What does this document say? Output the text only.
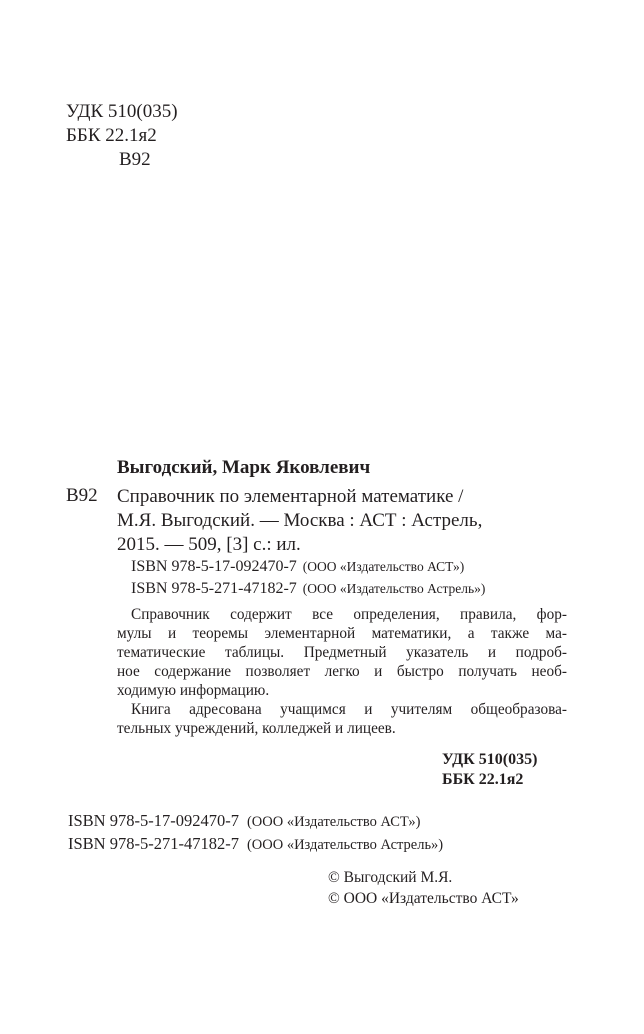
УДК 510(035)
ББК 22.1я2
В92
Выгодский, Марк Яковлевич
В92 Справочник по элементарной математике /
М.Я. Выгодский. — Москва : АСТ : Астрель,
2015. — 509, [3] с.: ил.
ISBN 978-5-17-092470-7 (ООО «Издательство АСТ»)
ISBN 978-5-271-47182-7 (ООО «Издательство Астрель»)

Справочник содержит все определения, правила, фор-

мулы и теоремы элементарной математики, а также ма-
тематические таблицы. Предметный указатель и подроб-
ное содержание позволяет легко и быстро получать необ-
ходимую информацию.

Книга адресована учащимся и учителям общеобразова-

тельных учреждений, колледжей и лицеев.
УДК 510(035)
ББК 22.1я2
ISBN 978-5-17-092470-7 (ООО «Издательство АСТ»)
ISBN 978-5-271-47182-7 (ООО «Издательство Астрель»)
© Выгодский М.Я.
© ООО «Издательство АСТ»
